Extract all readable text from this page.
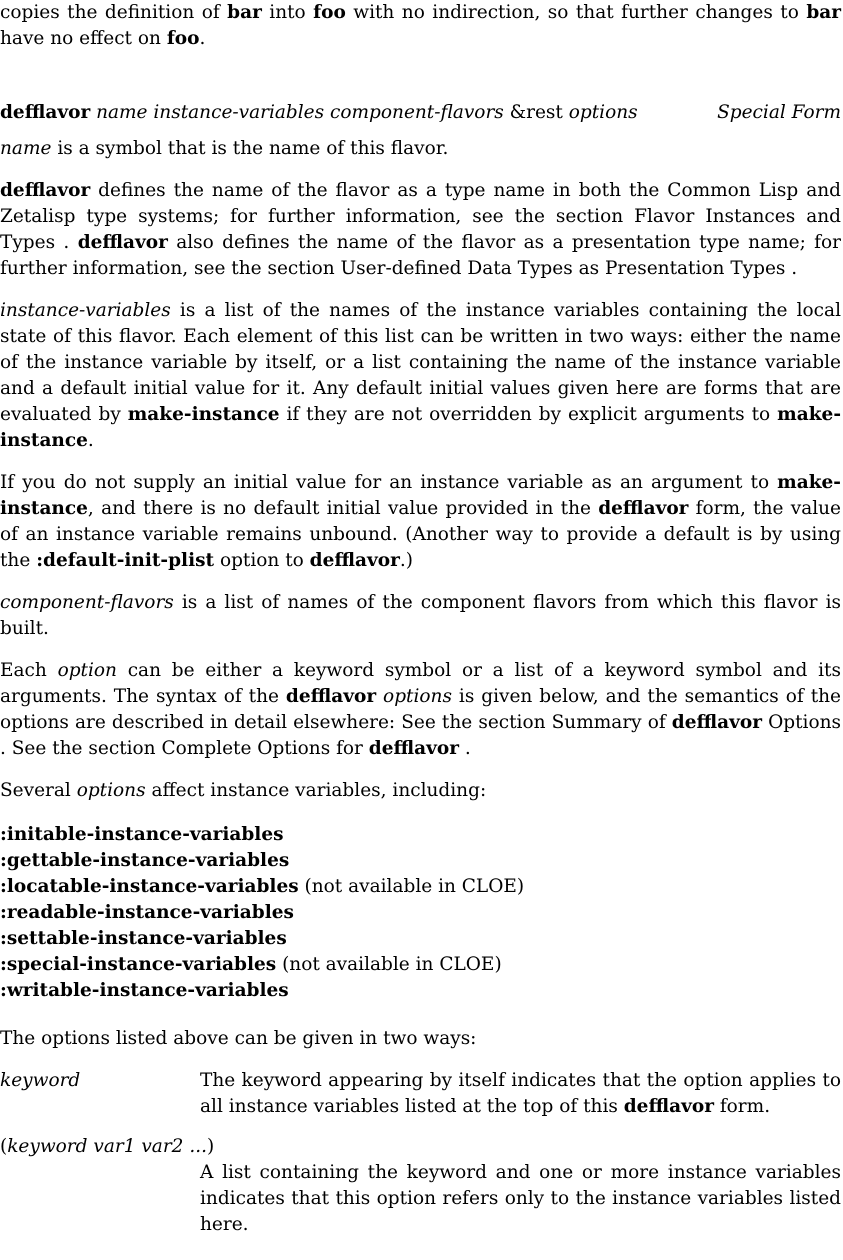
copies the definition of bar into foo with no indirection, so that further changes to bar have no effect on foo.

defflavor name instance-variables component-flavors &rest options	Special Form

name is a symbol that is the name of this flavor.

defflavor defines the name of the flavor as a type name in both the Common Lisp and Zetalisp type systems; for further information, see the section Flavor Instances and Types . defflavor also defines the name of the flavor as a presentation type name; for further information, see the section User-defined Data Types as Presentation Types .

instance-variables is a list of the names of the instance variables containing the local state of this flavor. Each element of this list can be written in two ways: either the name of the instance variable by itself, or a list containing the name of the instance variable and a default initial value for it. Any default initial values given here are forms that are evaluated by make-instance if they are not overridden by explicit arguments to make-instance.

If you do not supply an initial value for an instance variable as an argument to make-instance, and there is no default initial value provided in the defflavor form, the value of an instance variable remains unbound. (Another way to provide a default is by using the :default-init-plist option to defflavor.)

component-flavors is a list of names of the component flavors from which this flavor is built.

Each option can be either a keyword symbol or a list of a keyword symbol and its arguments. The syntax of the defflavor options is given below, and the semantics of the options are described in detail elsewhere: See the section Summary of defflavor Options . See the section Complete Options for defflavor .

Several options affect instance variables, including:

:initable-instance-variables
:gettable-instance-variables
:locatable-instance-variables (not available in CLOE)
:readable-instance-variables
:settable-instance-variables
:special-instance-variables (not available in CLOE)
:writable-instance-variables

The options listed above can be given in two ways:

keyword	The keyword appearing by itself indicates that the option applies to all instance variables listed at the top of this defflavor form.
(keyword var1 var2 ...)
A list containing the keyword and one or more instance variables indicates that this option refers only to the instance variables listed here.
